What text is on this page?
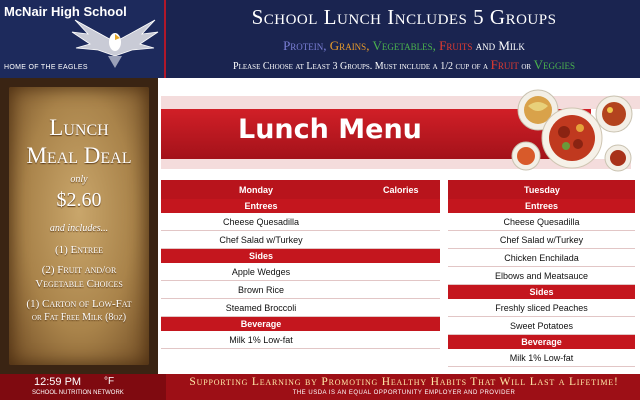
McNair High School
HOME OF THE EAGLES
School Lunch Includes 5 Groups
Protein, Grains, Vegetables, Fruits and Milk
Please Choose at Least 3 Groups. Must include a 1/2 cup of a Fruit or Veggies
Lunch
Meal Deal
only
$2.60
and includes...
(1) Entree
(2) Fruit and/or
Vegetable Choices
(1) Carton of Low-Fat
or Fat Free Milk (8oz)
Lunch Menu
Monday	Calories
Entrees
Cheese Quesadilla
Chef Salad w/Turkey
Sides
Apple Wedges
Brown Rice
Steamed Broccoli
Beverage
Milk 1% Low-fat
Tuesday
Entrees
Cheese Quesadilla
Chef Salad w/Turkey
Chicken Enchilada
Elbows and Meatsauce
Sides
Freshly sliced Peaches
Sweet Potatoes
Beverage
Milk 1% Low-fat
12:59 PM °F
SCHOOL NUTRITION NETWORK
Supporting Learning by Promoting Healthy Habits That Will Last a Lifetime!
THE USDA IS AN EQUAL OPPORTUNITY EMPLOYER AND PROVIDER
